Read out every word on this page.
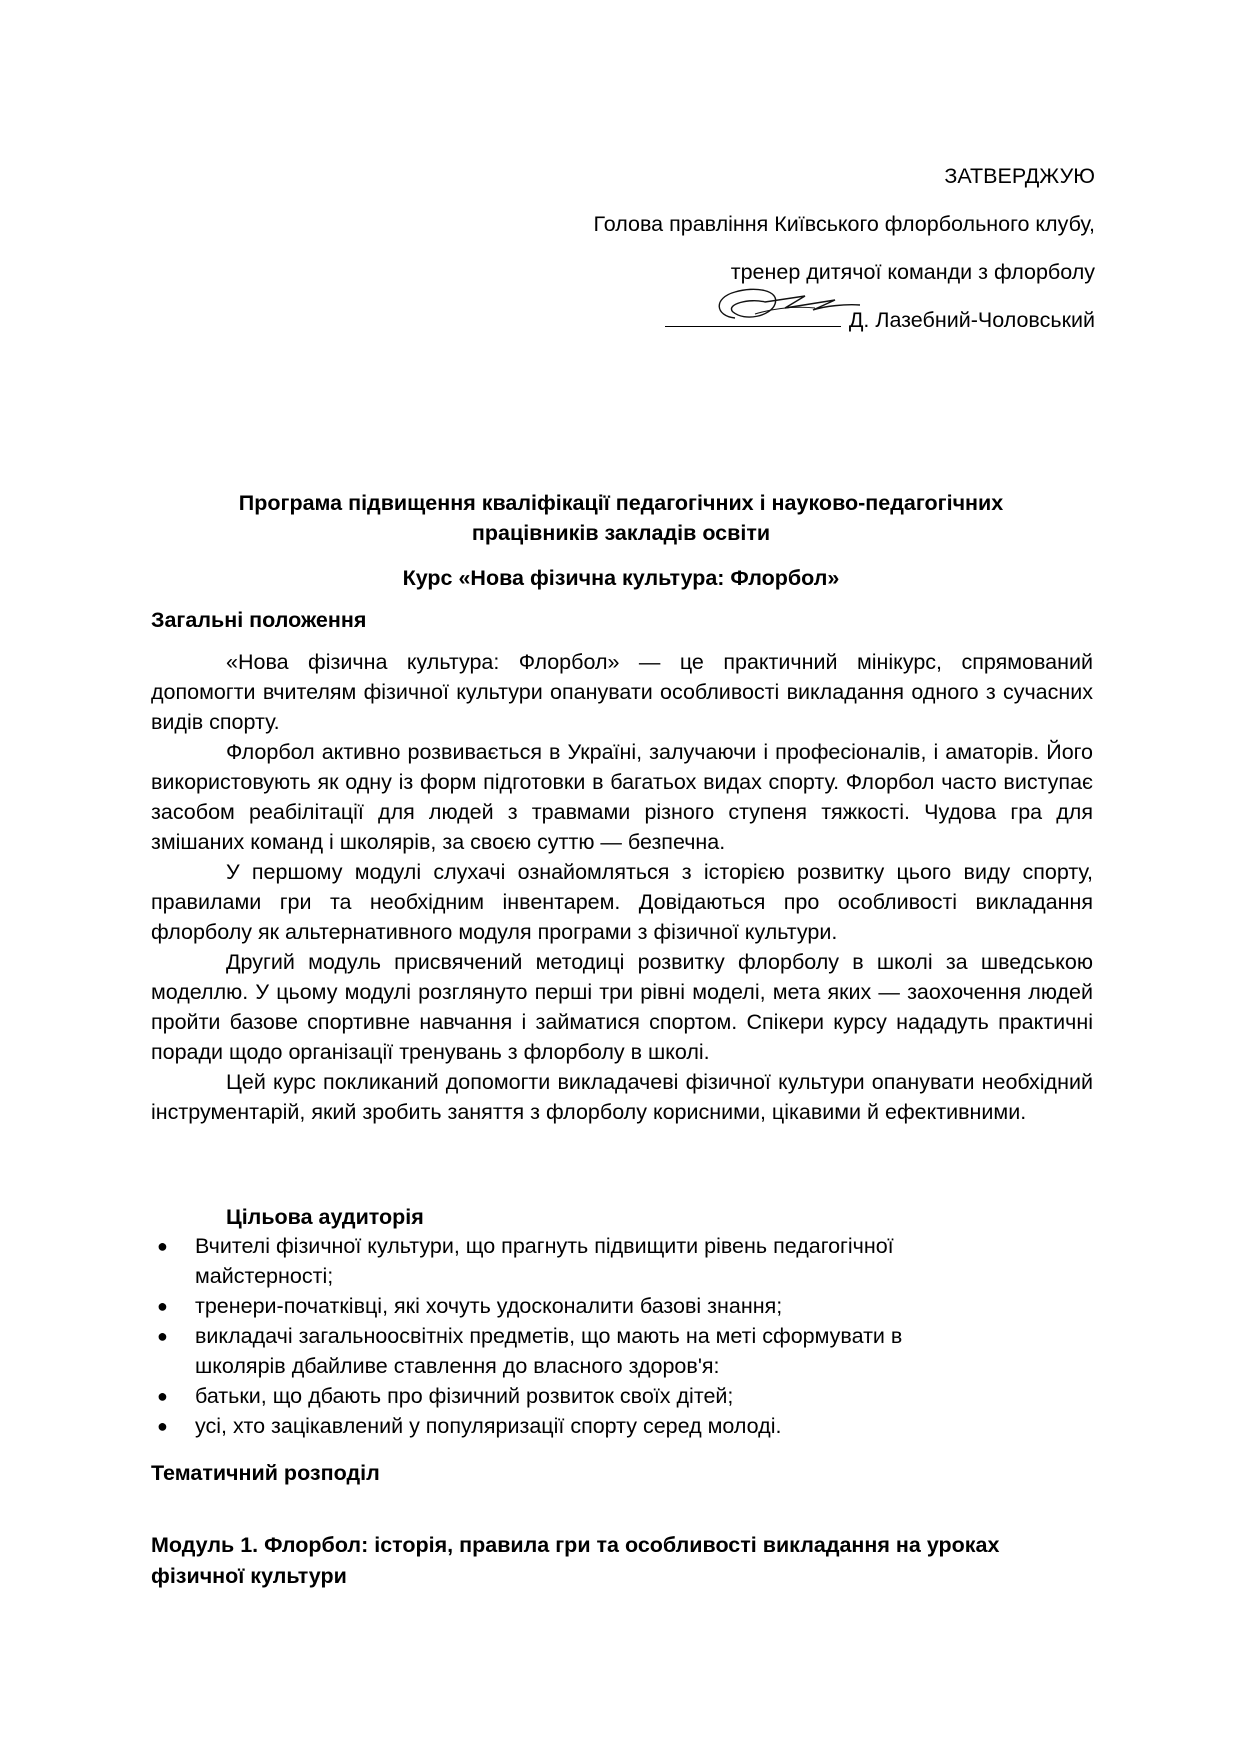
ЗАТВЕРДЖУЮ
Голова правління Київського флорбольного клубу,
тренер дитячої команди з флорболу
Д. Лазебний-Чоловський
Програма підвищення кваліфікації педагогічних і науково-педагогічних
працівників закладів освіти
Курс «Нова фізична культура: Флорбол»

Загальні положення

«Нова фізична культура: Флорбол» — це практичний мінікурс, спрямований допомогти вчителям фізичної культури опанувати особливості викладання одного з сучасних видів спорту.

Флорбол активно розвивається в Україні, залучаючи і професіоналів, і аматорів. Його використовують як одну із форм підготовки в багатьох видах спорту. Флорбол часто виступає засобом реабілітації для людей з травмами різного ступеня тяжкості. Чудова гра для змішаних команд і школярів, за своєю суттю — безпечна.

У першому модулі слухачі ознайомляться з історією розвитку цього виду спорту, правилами гри та необхідним інвентарем. Довідаються про особливості викладання флорболу як альтернативного модуля програми з фізичної культури.

Другий модуль присвячений методиці розвитку флорболу в школі за шведською моделлю. У цьому модулі розглянуто перші три рівні моделі, мета яких — заохочення людей пройти базове спортивне навчання і займатися спортом. Спікери курсу нададуть практичні поради щодо організації тренувань з флорболу в школі.

Цей курс покликаний допомогти викладачеві фізичної культури опанувати необхідний інструментарій, який зробить заняття з флорболу корисними, цікавими й ефективними.

Цільова аудиторія
● Вчителі фізичної культури, що прагнуть підвищити рівень педагогічної майстерності;
● тренери-початківці, які хочуть удосконалити базові знання;
● викладачі загальноосвітніх предметів, що мають на меті сформувати в школярів дбайливе ставлення до власного здоров'я:
● батьки, що дбають про фізичний розвиток своїх дітей;
● усі, хто зацікавлений у популяризації спорту серед молоді.
Тематичний розподіл
Модуль 1. Флорбол: історія, правила гри та особливості викладання на уроках фізичної культури
